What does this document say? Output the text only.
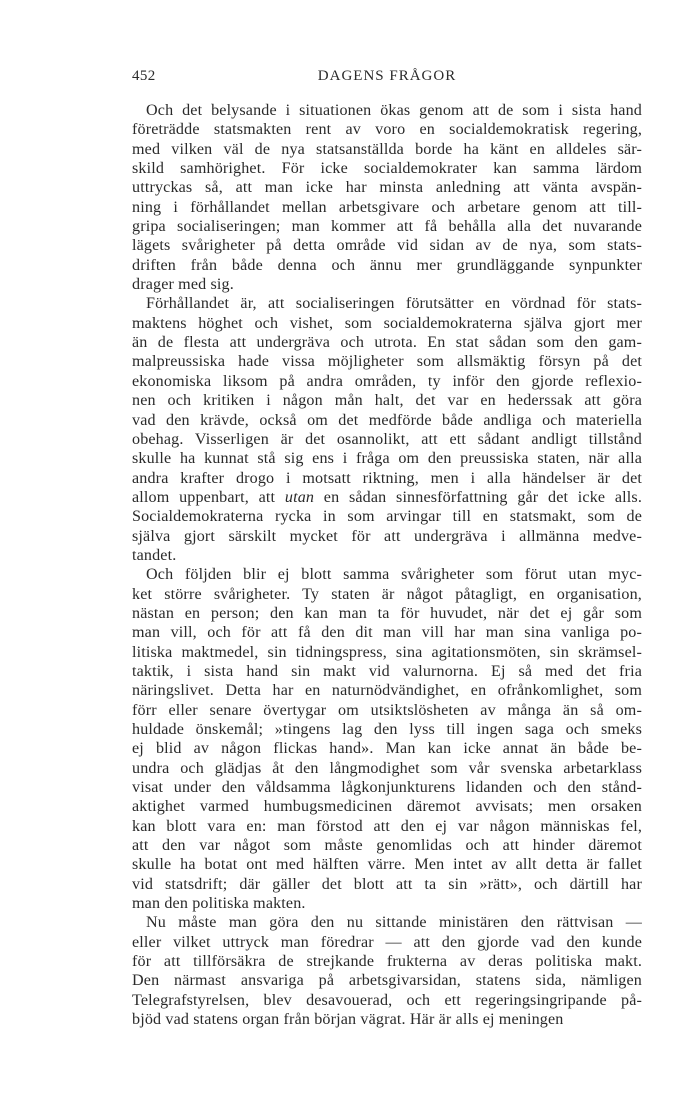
452	DAGENS FRÅGOR
Och det belysande i situationen ökas genom att de som i sista hand
företrädde statsmakten rent av voro en socialdemokratisk regering,
med vilken väl de nya statsanställda borde ha känt en alldeles sär-
skild samhörighet. För icke socialdemokrater kan samma lärdom
uttryckas så, att man icke har minsta anledning att vänta avspän-
ning i förhållandet mellan arbetsgivare och arbetare genom att till-
gripa socialiseringen; man kommer att få behålla alla det nuvarande
lägets svårigheter på detta område vid sidan av de nya, som stats-
driften från både denna och ännu mer grundläggande synpunkter
drager med sig.
Förhållandet är, att socialiseringen förutsätter en vördnad för stats-
maktens höghet och vishet, som socialdemokraterna själva gjort mer
än de flesta att undergräva och utrota. En stat sådan som den gam-
malpreussiska hade vissa möjligheter som allsmäktig försyn på det
ekonomiska liksom på andra områden, ty inför den gjorde reflexio-
nen och kritiken i någon mån halt, det var en hederssak att göra
vad den krävde, också om det medförde både andliga och materiella
obehag. Visserligen är det osannolikt, att ett sådant andligt tillstånd
skulle ha kunnat stå sig ens i fråga om den preussiska staten, när alla
andra krafter drogo i motsatt riktning, men i alla händelser är det
allom uppenbart, att utan en sådan sinnesförfattning går det icke alls.
Socialdemokraterna rycka in som arvingar till en statsmakt, som de
själva gjort särskilt mycket för att undergräva i allmänna medve-
tandet.
Och följden blir ej blott samma svårigheter som förut utan myc-
ket större svårigheter. Ty staten är något påtagligt, en organisation,
nästan en person; den kan man ta för huvudet, när det ej går som
man vill, och för att få den dit man vill har man sina vanliga po-
litiska maktmedel, sin tidningspress, sina agitationsmöten, sin skrämsel-
taktik, i sista hand sin makt vid valurnorna. Ej så med det fria
näringslivet. Detta har en naturnödvändighet, en ofrånkomlighet, som
förr eller senare övertygar om utsiktslösheten av många än så om-
huldade önskemål; »tingens lag den lyss till ingen saga och smeks
ej blid av någon flickas hand». Man kan icke annat än både be-
undra och glädjas åt den långmodighet som vår svenska arbetarklass
visat under den våldsamma lågkonjunkturens lidanden och den stånd-
aktighet varmed humbugsmedicinen däremot avvisats; men orsaken
kan blott vara en: man förstod att den ej var någon människas fel,
att den var något som måste genomlidas och att hinder däremot
skulle ha botat ont med hälften värre. Men intet av allt detta är fallet
vid statsdrift; där gäller det blott att ta sin »rätt», och därtill har
man den politiska makten.
Nu måste man göra den nu sittande ministären den rättvisan —
eller vilket uttryck man föredrar — att den gjorde vad den kunde
för att tillförsäkra de strejkande frukterna av deras politiska makt.
Den närmast ansvariga på arbetsgivarsidan, statens sida, nämligen
Telegrafstyrelsen, blev desavouerad, och ett regeringsingripande på-
bjöd vad statens organ från början vägrat. Här är alls ej meningen
